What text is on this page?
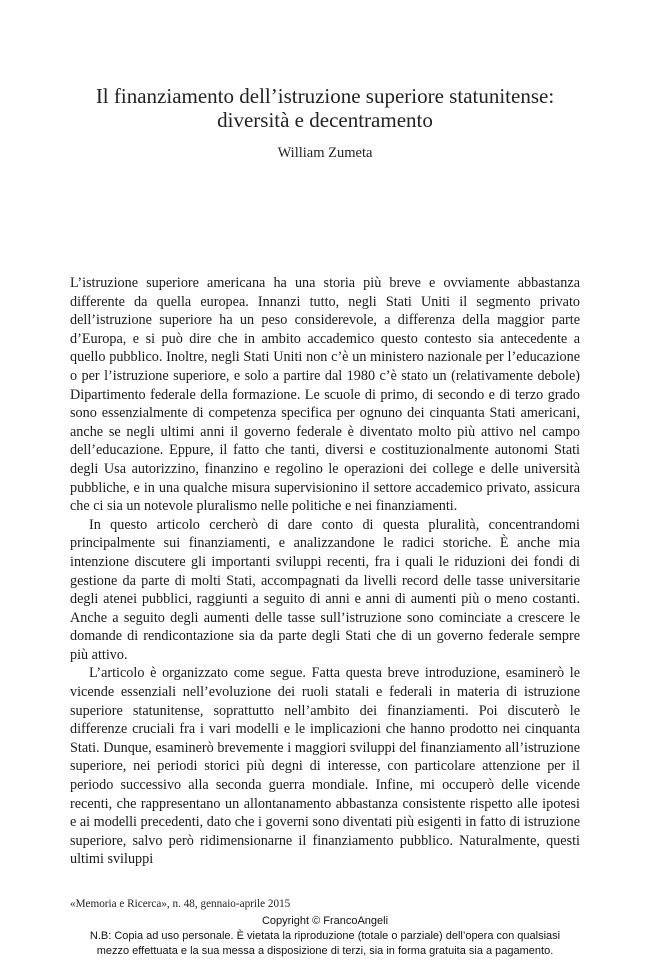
Il finanziamento dell’istruzione superiore statunitense:
diversità e decentramento
William Zumeta

L’istruzione superiore americana ha una storia più breve e ovviamente abbastanza differente da quella europea. Innanzi tutto, negli Stati Uniti il segmento privato dell’istruzione superiore ha un peso considerevole, a differenza della maggior parte d’Europa, e si può dire che in ambito accademico questo contesto sia antecedente a quello pubblico. Inoltre, negli Stati Uniti non c’è un ministero nazionale per l’educazione o per l’istruzione superiore, e solo a partire dal 1980 c’è stato un (relativamente debole) Dipartimento federale della formazione. Le scuole di primo, di secondo e di terzo grado sono essenzialmente di competenza specifica per ognuno dei cinquanta Stati americani, anche se negli ultimi anni il governo federale è diventato molto più attivo nel campo dell’educazione. Eppure, il fatto che tanti, diversi e costituzionalmente autonomi Stati degli Usa autorizzino, finanzino e regolino le operazioni dei college e delle università pubbliche, e in una qualche misura supervisionino il settore accademico privato, assicura che ci sia un notevole pluralismo nelle politiche e nei finanziamenti.

In questo articolo cercherò di dare conto di questa pluralità, concentrandomi principalmente sui finanziamenti, e analizzandone le radici storiche. È anche mia intenzione discutere gli importanti sviluppi recenti, fra i quali le riduzioni dei fondi di gestione da parte di molti Stati, accompagnati da livelli record delle tasse universitarie degli atenei pubblici, raggiunti a seguito di anni e anni di aumenti più o meno costanti. Anche a seguito degli aumenti delle tasse sull’istruzione sono cominciate a crescere le domande di rendicontazione sia da parte degli Stati che di un governo federale sempre più attivo.

L’articolo è organizzato come segue. Fatta questa breve introduzione, esaminerò le vicende essenziali nell’evoluzione dei ruoli statali e federali in materia di istruzione superiore statunitense, soprattutto nell’ambito dei finanziamenti. Poi discuterò le differenze cruciali fra i vari modelli e le implicazioni che hanno prodotto nei cinquanta Stati. Dunque, esaminerò brevemente i maggiori sviluppi del finanziamento all’istruzione superiore, nei periodi storici più degni di interesse, con particolare attenzione per il periodo successivo alla seconda guerra mondiale. Infine, mi occuperò delle vicende recenti, che rappresentano un allontanamento abbastanza consistente rispetto alle ipotesi e ai modelli precedenti, dato che i governi sono diventati più esigenti in fatto di istruzione superiore, salvo però ridimensionarne il finanziamento pubblico. Naturalmente, questi ultimi sviluppi

«Memoria e Ricerca», n. 48, gennaio-aprile 2015
Copyright © FrancoAngeli
N.B: Copia ad uso personale. È vietata la riproduzione (totale o parziale) dell’opera con qualsiasi
mezzo effettuata e la sua messa a disposizione di terzi, sia in forma gratuita sia a pagamento.
